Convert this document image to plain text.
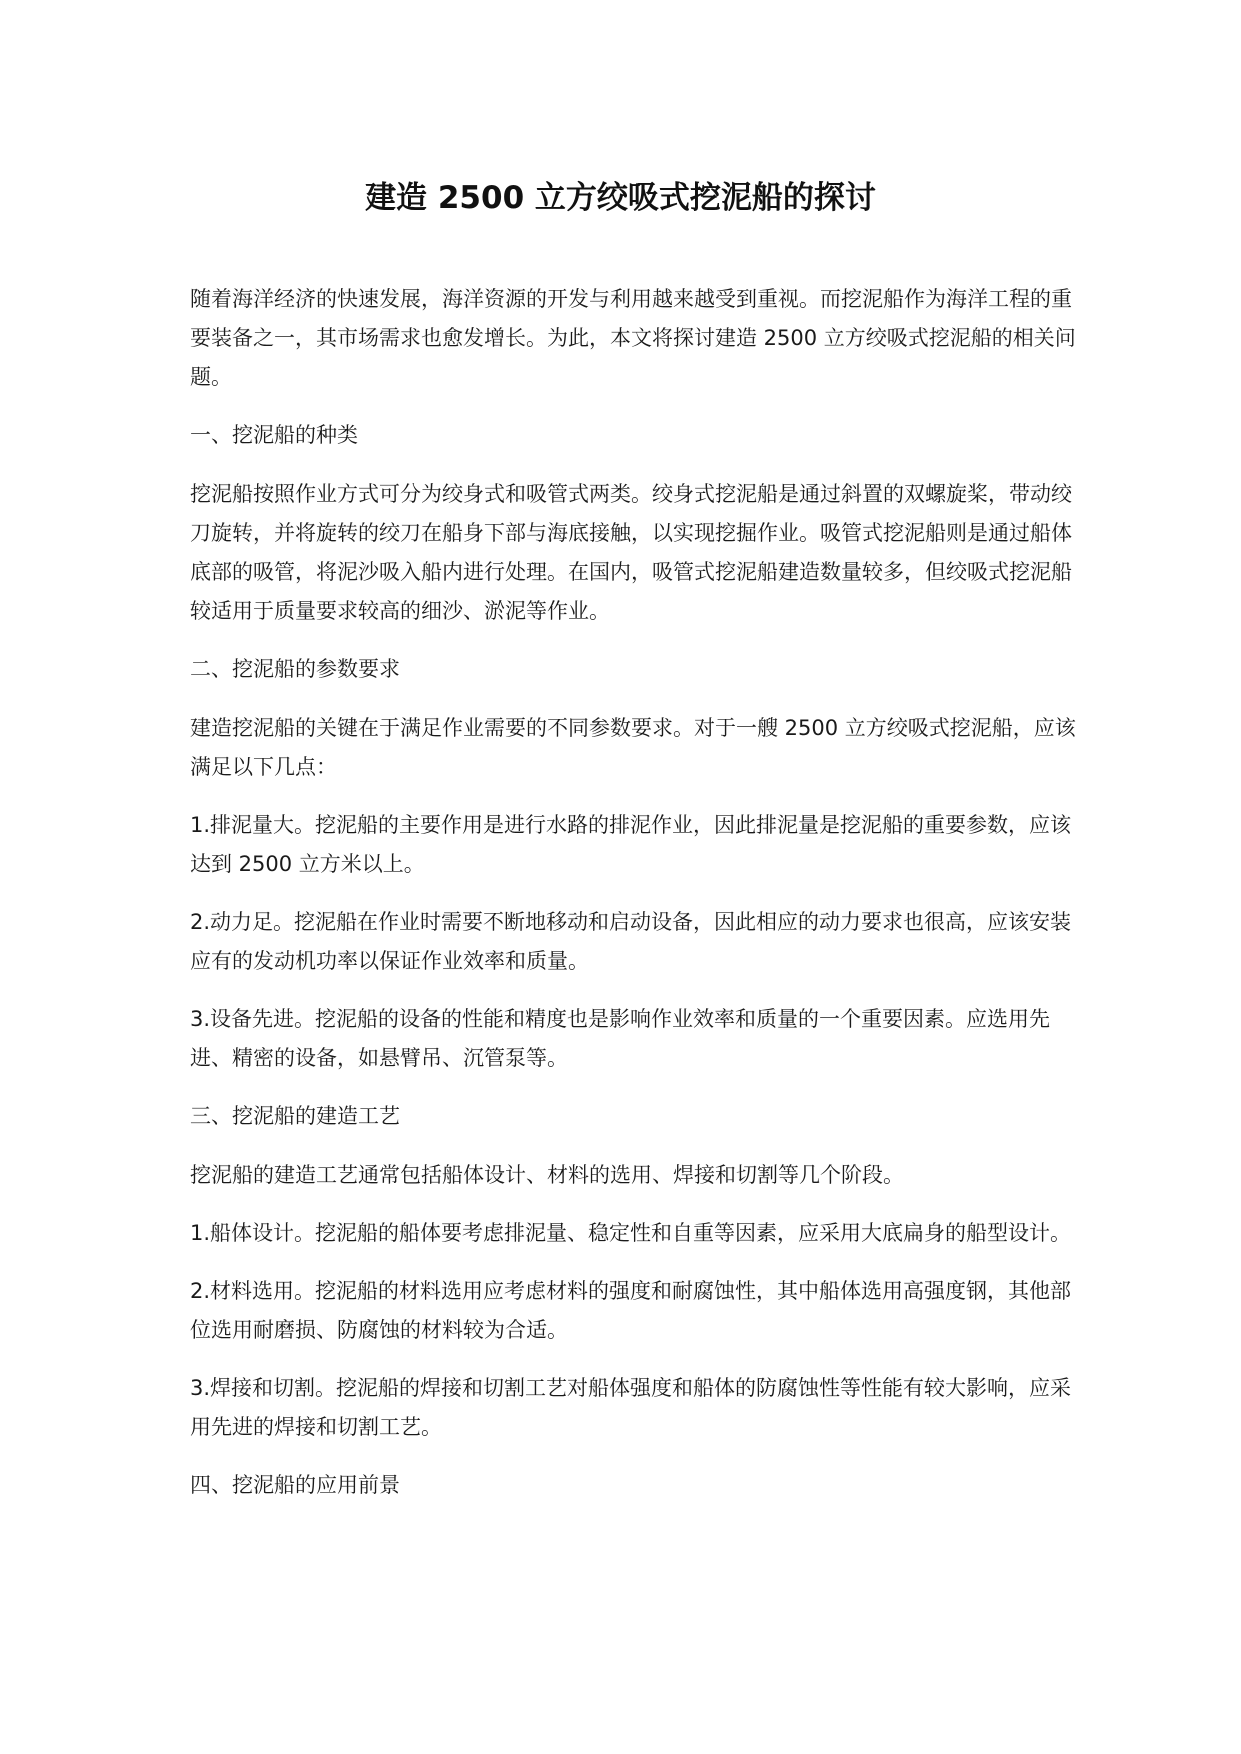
建造 2500 立方绞吸式挖泥船的探讨

随着海洋经济的快速发展，海洋资源的开发与利用越来越受到重视。而挖泥船作为海洋工程的重要装备之一，其市场需求也愈发增长。为此，本文将探讨建造 2500 立方绞吸式挖泥船的相关问题。

一、挖泥船的种类

挖泥船按照作业方式可分为绞身式和吸管式两类。绞身式挖泥船是通过斜置的双螺旋桨，带动绞刀旋转，并将旋转的绞刀在船身下部与海底接触，以实现挖掘作业。吸管式挖泥船则是通过船体底部的吸管，将泥沙吸入船内进行处理。在国内，吸管式挖泥船建造数量较多，但绞吸式挖泥船较适用于质量要求较高的细沙、淤泥等作业。

二、挖泥船的参数要求

建造挖泥船的关键在于满足作业需要的不同参数要求。对于一艘 2500 立方绞吸式挖泥船，应该满足以下几点：

1.排泥量大。挖泥船的主要作用是进行水路的排泥作业，因此排泥量是挖泥船的重要参数，应该达到 2500 立方米以上。

2.动力足。挖泥船在作业时需要不断地移动和启动设备，因此相应的动力要求也很高，应该安装应有的发动机功率以保证作业效率和质量。

3.设备先进。挖泥船的设备的性能和精度也是影响作业效率和质量的一个重要因素。应选用先进、精密的设备，如悬臂吊、沉管泵等。

三、挖泥船的建造工艺

挖泥船的建造工艺通常包括船体设计、材料的选用、焊接和切割等几个阶段。

1.船体设计。挖泥船的船体要考虑排泥量、稳定性和自重等因素，应采用大底扁身的船型设计。

2.材料选用。挖泥船的材料选用应考虑材料的强度和耐腐蚀性，其中船体选用高强度钢，其他部位选用耐磨损、防腐蚀的材料较为合适。

3.焊接和切割。挖泥船的焊接和切割工艺对船体强度和船体的防腐蚀性等性能有较大影响，应采用先进的焊接和切割工艺。

四、挖泥船的应用前景
